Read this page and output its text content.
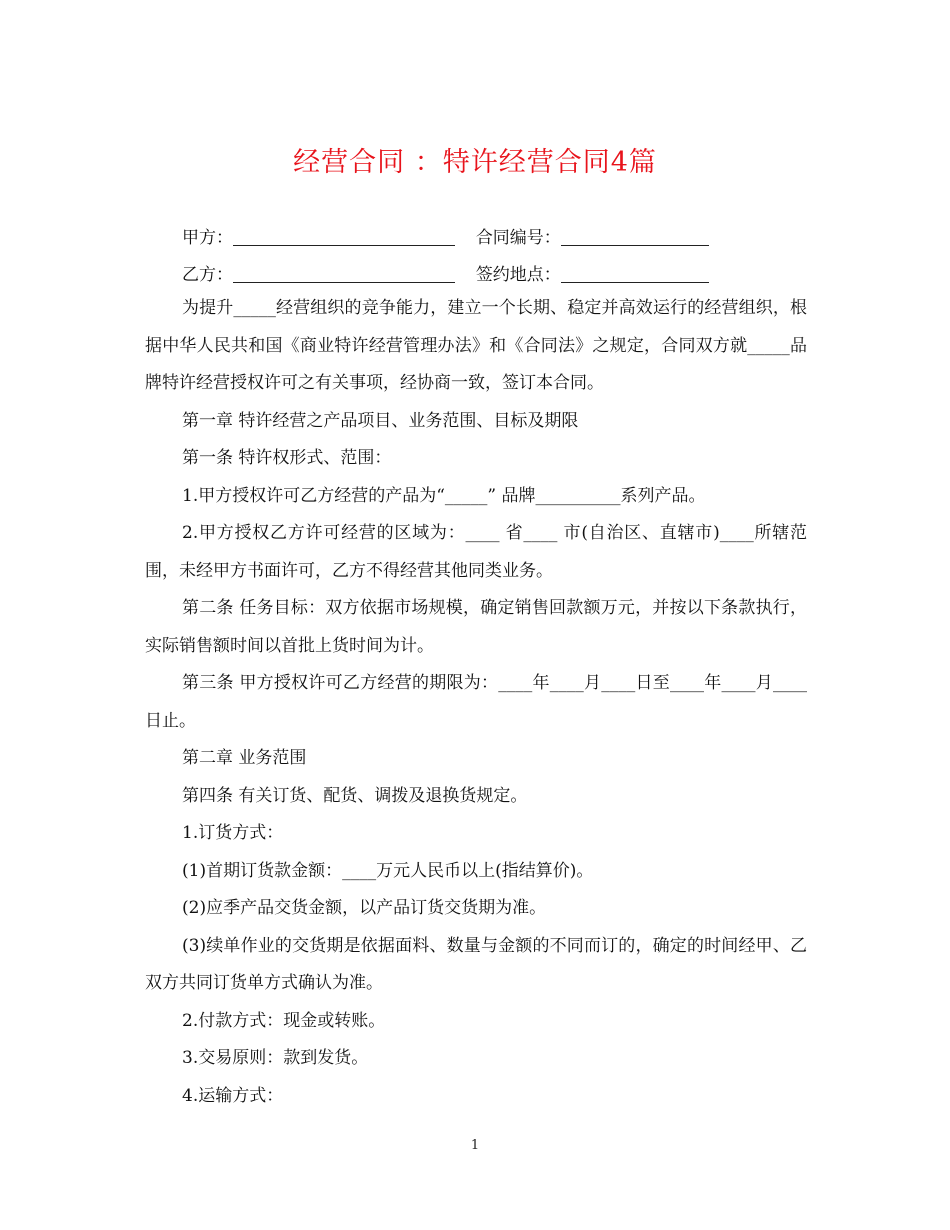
经营合同 ：特许经营合同4篇
甲方：	合同编号：
乙方：	签约地点：

为提升_____经营组织的竞争能力，建立一个长期、稳定并高效运行的经营组织，根据中华人民共和国《商业特许经营管理办法》和《合同法》之规定，合同双方就_____品牌特许经营授权许可之有关事项，经协商一致，签订本合同。

第一章 特许经营之产品项目、业务范围、目标及期限

第一条 特许权形式、范围：

1.甲方授权许可乙方经营的产品为“_____” 品牌__________系列产品。

2.甲方授权乙方许可经营的区域为：____ 省____ 市(自治区、直辖市)____所辖范围，未经甲方书面许可，乙方不得经营其他同类业务。

第二条 任务目标：双方依据市场规模，确定销售回款额万元，并按以下条款执行，实际销售额时间以首批上货时间为计。

第三条 甲方授权许可乙方经营的期限为：____年____月____日至____年____月____日止。

第二章 业务范围

第四条 有关订货、配货、调拨及退换货规定。

1.订货方式：

(1)首期订货款金额：____万元人民币以上(指结算价)。

(2)应季产品交货金额，以产品订货交货期为准。

(3)续单作业的交货期是依据面料、数量与金额的不同而订的，确定的时间经甲、乙双方共同订货单方式确认为准。

2.付款方式：现金或转账。

3.交易原则：款到发货。

4.运输方式：

1
